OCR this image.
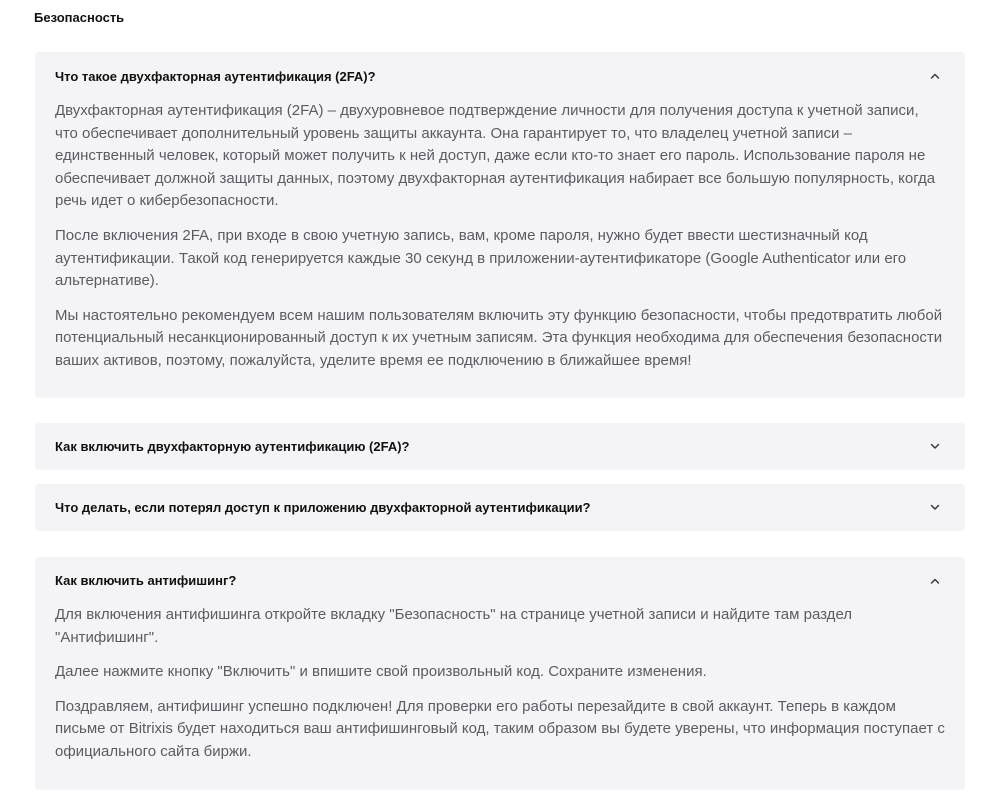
Безопасность
Что такое двухфакторная аутентификация (2FA)?

Двухфакторная аутентификация (2FA) – двухуровневое подтверждение личности для получения доступа к учетной записи, что обеспечивает дополнительный уровень защиты аккаунта. Она гарантирует то, что владелец учетной записи – единственный человек, который может получить к ней доступ, даже если кто-то знает его пароль. Использование пароля не обеспечивает должной защиты данных, поэтому двухфакторная аутентификация набирает все большую популярность, когда речь идет о кибербезопасности.

После включения 2FA, при входе в свою учетную запись, вам, кроме пароля, нужно будет ввести шестизначный код аутентификации. Такой код генерируется каждые 30 секунд в приложении-аутентификаторе (Google Authenticator или его альтернативе).

Мы настоятельно рекомендуем всем нашим пользователям включить эту функцию безопасности, чтобы предотвратить любой потенциальный несанкционированный доступ к их учетным записям. Эта функция необходима для обеспечения безопасности ваших активов, поэтому, пожалуйста, уделите время ее подключению в ближайшее время!

Как включить двухфакторную аутентификацию (2FA)?
Что делать, если потерял доступ к приложению двухфакторной аутентификации?
Как включить антифишинг?

Для включения антифишинга откройте вкладку "Безопасность" на странице учетной записи и найдите там раздел "Антифишинг".

Далее нажмите кнопку "Включить" и впишите свой произвольный код. Сохраните изменения.

Поздравляем, антифишинг успешно подключен! Для проверки его работы перезайдите в свой аккаунт. Теперь в каждом письме от Bitrixis будет находиться ваш антифишинговый код, таким образом вы будете уверены, что информация поступает с официального сайта биржи.
